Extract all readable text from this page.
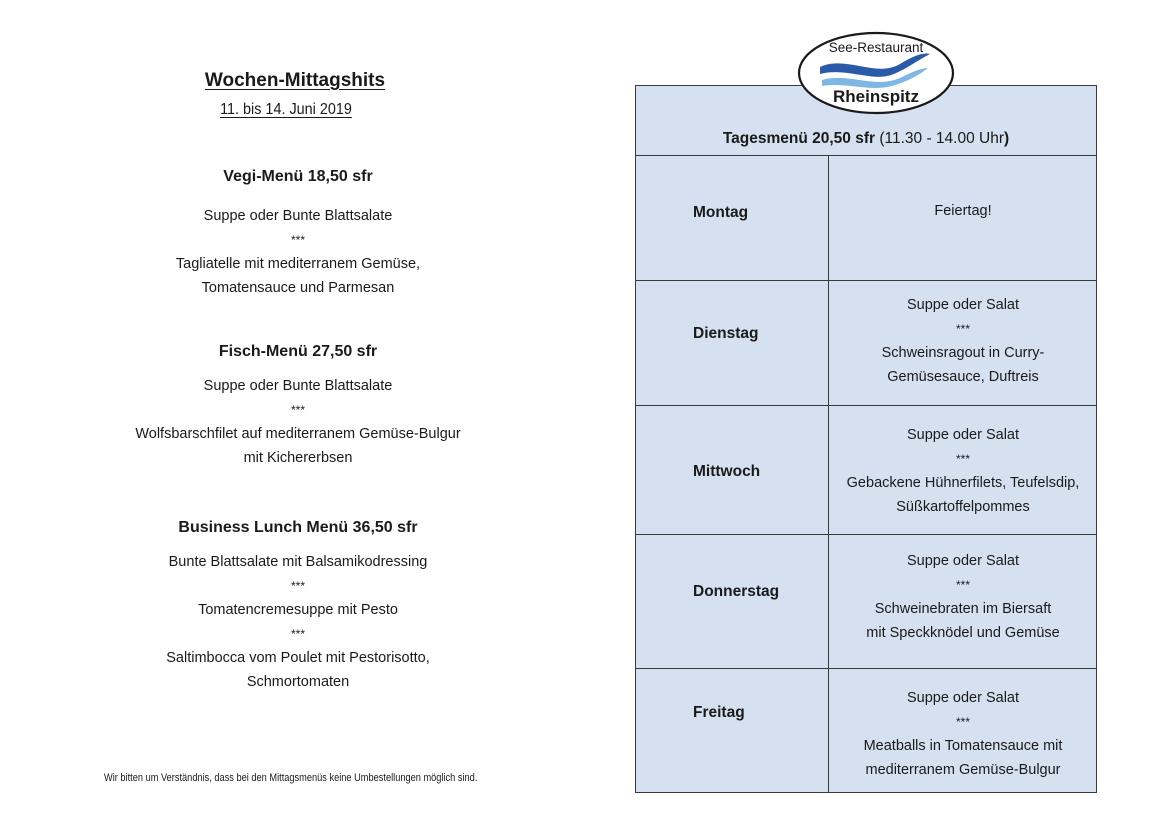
Wochen-Mittagshits
11. bis 14. Juni 2019
Vegi-Menü 18,50 sfr
Suppe oder Bunte Blattsalate
***
Tagliatelle mit mediterranem Gemüse,
Tomatensauce und Parmesan
Fisch-Menü 27,50 sfr
Suppe oder Bunte Blattsalate
***
Wolfsbarschfilet auf mediterranem Gemüse-Bulgur
mit Kichererbsen
Business Lunch Menü 36,50 sfr
Bunte Blattsalate mit Balsamikodressing
***
Tomatencremesuppe mit Pesto
***
Saltimbocca vom Poulet mit Pestorisotto,
Schmortomaten
Wir bitten um Verständnis, dass bei den Mittagsmenüs keine Umbestellungen möglich sind.
Tagesmenü 20,50 sfr (11.30 - 14.00 Uhr)
Montag	Feiertag!
Dienstag
Suppe oder Salat
***
Schweinsragout in Curry-
Gemüsesauce, Duftreis
Mittwoch
Suppe oder Salat
***
Gebackene Hühnerfilets, Teufelsdip,
Süßkartoffelpommes
Donnerstag
Suppe oder Salat
***
Schweinebraten im Biersaft
mit Speckknödel und Gemüse
Freitag
Suppe oder Salat
***
Meatballs in Tomatensauce mit
mediterranem Gemüse-Bulgur
See-Restaurant
Rheinspitz
